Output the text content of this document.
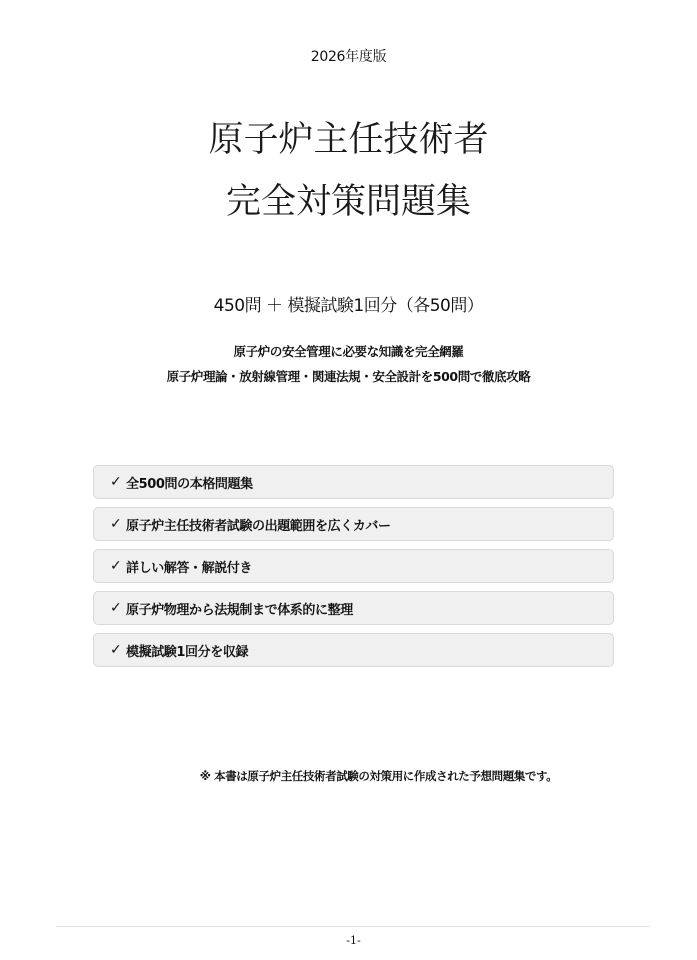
2026年度版
原子炉主任技術者
完全対策問題集
450問 ＋ 模擬試験1回分（各50問）
原子炉の安全管理に必要な知識を完全網羅
原子炉理論・放射線管理・関連法規・安全設計を500問で徹底攻略
✓ 全500問の本格問題集
✓ 原子炉主任技術者試験の出題範囲を広くカバー
✓ 詳しい解答・解説付き
✓ 原子炉物理から法規制まで体系的に整理
✓ 模擬試験1回分を収録
※ 本書は原子炉主任技術者試験の対策用に作成された予想問題集です。
-1-
